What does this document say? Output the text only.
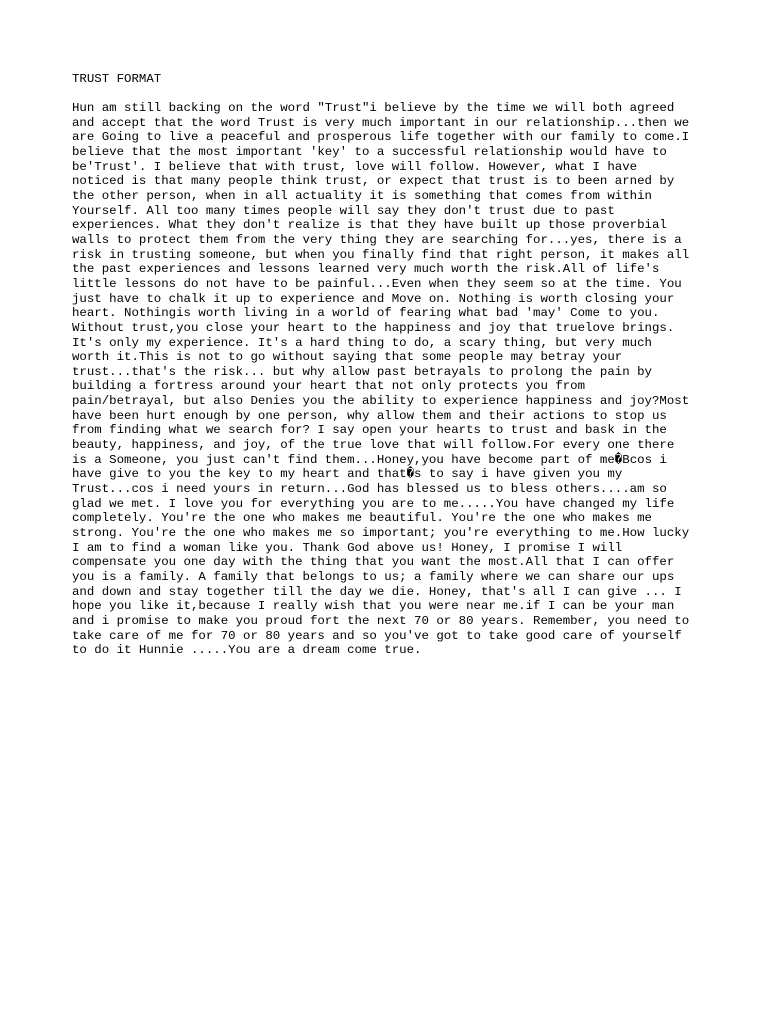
TRUST FORMAT
Hun am still backing on the word "Trust"i believe by the time we will both agreed
and accept that the word Trust is very much important in our relationship...then we
are Going to live a peaceful and prosperous life together with our family to come.I
believe that the most important 'key' to a successful relationship would have to
be'Trust'. I believe that with trust, love will follow. However, what I have
noticed is that many people think trust, or expect that trust is to been arned by
the other person, when in all actuality it is something that comes from within
Yourself. All too many times people will say they don't trust due to past
experiences. What they don't realize is that they have built up those proverbial
walls to protect them from the very thing they are searching for...yes, there is a
risk in trusting someone, but when you finally find that right person, it makes all
the past experiences and lessons learned very much worth the risk.All of life's
little lessons do not have to be painful...Even when they seem so at the time. You
just have to chalk it up to experience and Move on. Nothing is worth closing your
heart. Nothingis worth living in a world of fearing what bad 'may' Come to you.
Without trust,you close your heart to the happiness and joy that truelove brings.
It's only my experience. It's a hard thing to do, a scary thing, but very much
worth it.This is not to go without saying that some people may betray your
trust...that's the risk... but why allow past betrayals to prolong the pain by
building a fortress around your heart that not only protects you from
pain/betrayal, but also Denies you the ability to experience happiness and joy?Most
have been hurt enough by one person, why allow them and their actions to stop us
from finding what we search for? I say open your hearts to trust and bask in the
beauty, happiness, and joy, of the true love that will follow.For every one there
is a Someone, you just can't find them...Honey,you have become part of me�Bcos i
have give to you the key to my heart and that�s to say i have given you my
Trust...cos i need yours in return...God has blessed us to bless others....am so
glad we met. I love you for everything you are to me.....You have changed my life
completely. You're the one who makes me beautiful. You're the one who makes me
strong. You're the one who makes me so important; you're everything to me.How lucky
I am to find a woman like you. Thank God above us! Honey, I promise I will
compensate you one day with the thing that you want the most.All that I can offer
you is a family. A family that belongs to us; a family where we can share our ups
and down and stay together till the day we die. Honey, that's all I can give ... I
hope you like it,because I really wish that you were near me.if I can be your man
and i promise to make you proud fort the next 70 or 80 years. Remember, you need to
take care of me for 70 or 80 years and so you've got to take good care of yourself
to do it Hunnie .....You are a dream come true.
